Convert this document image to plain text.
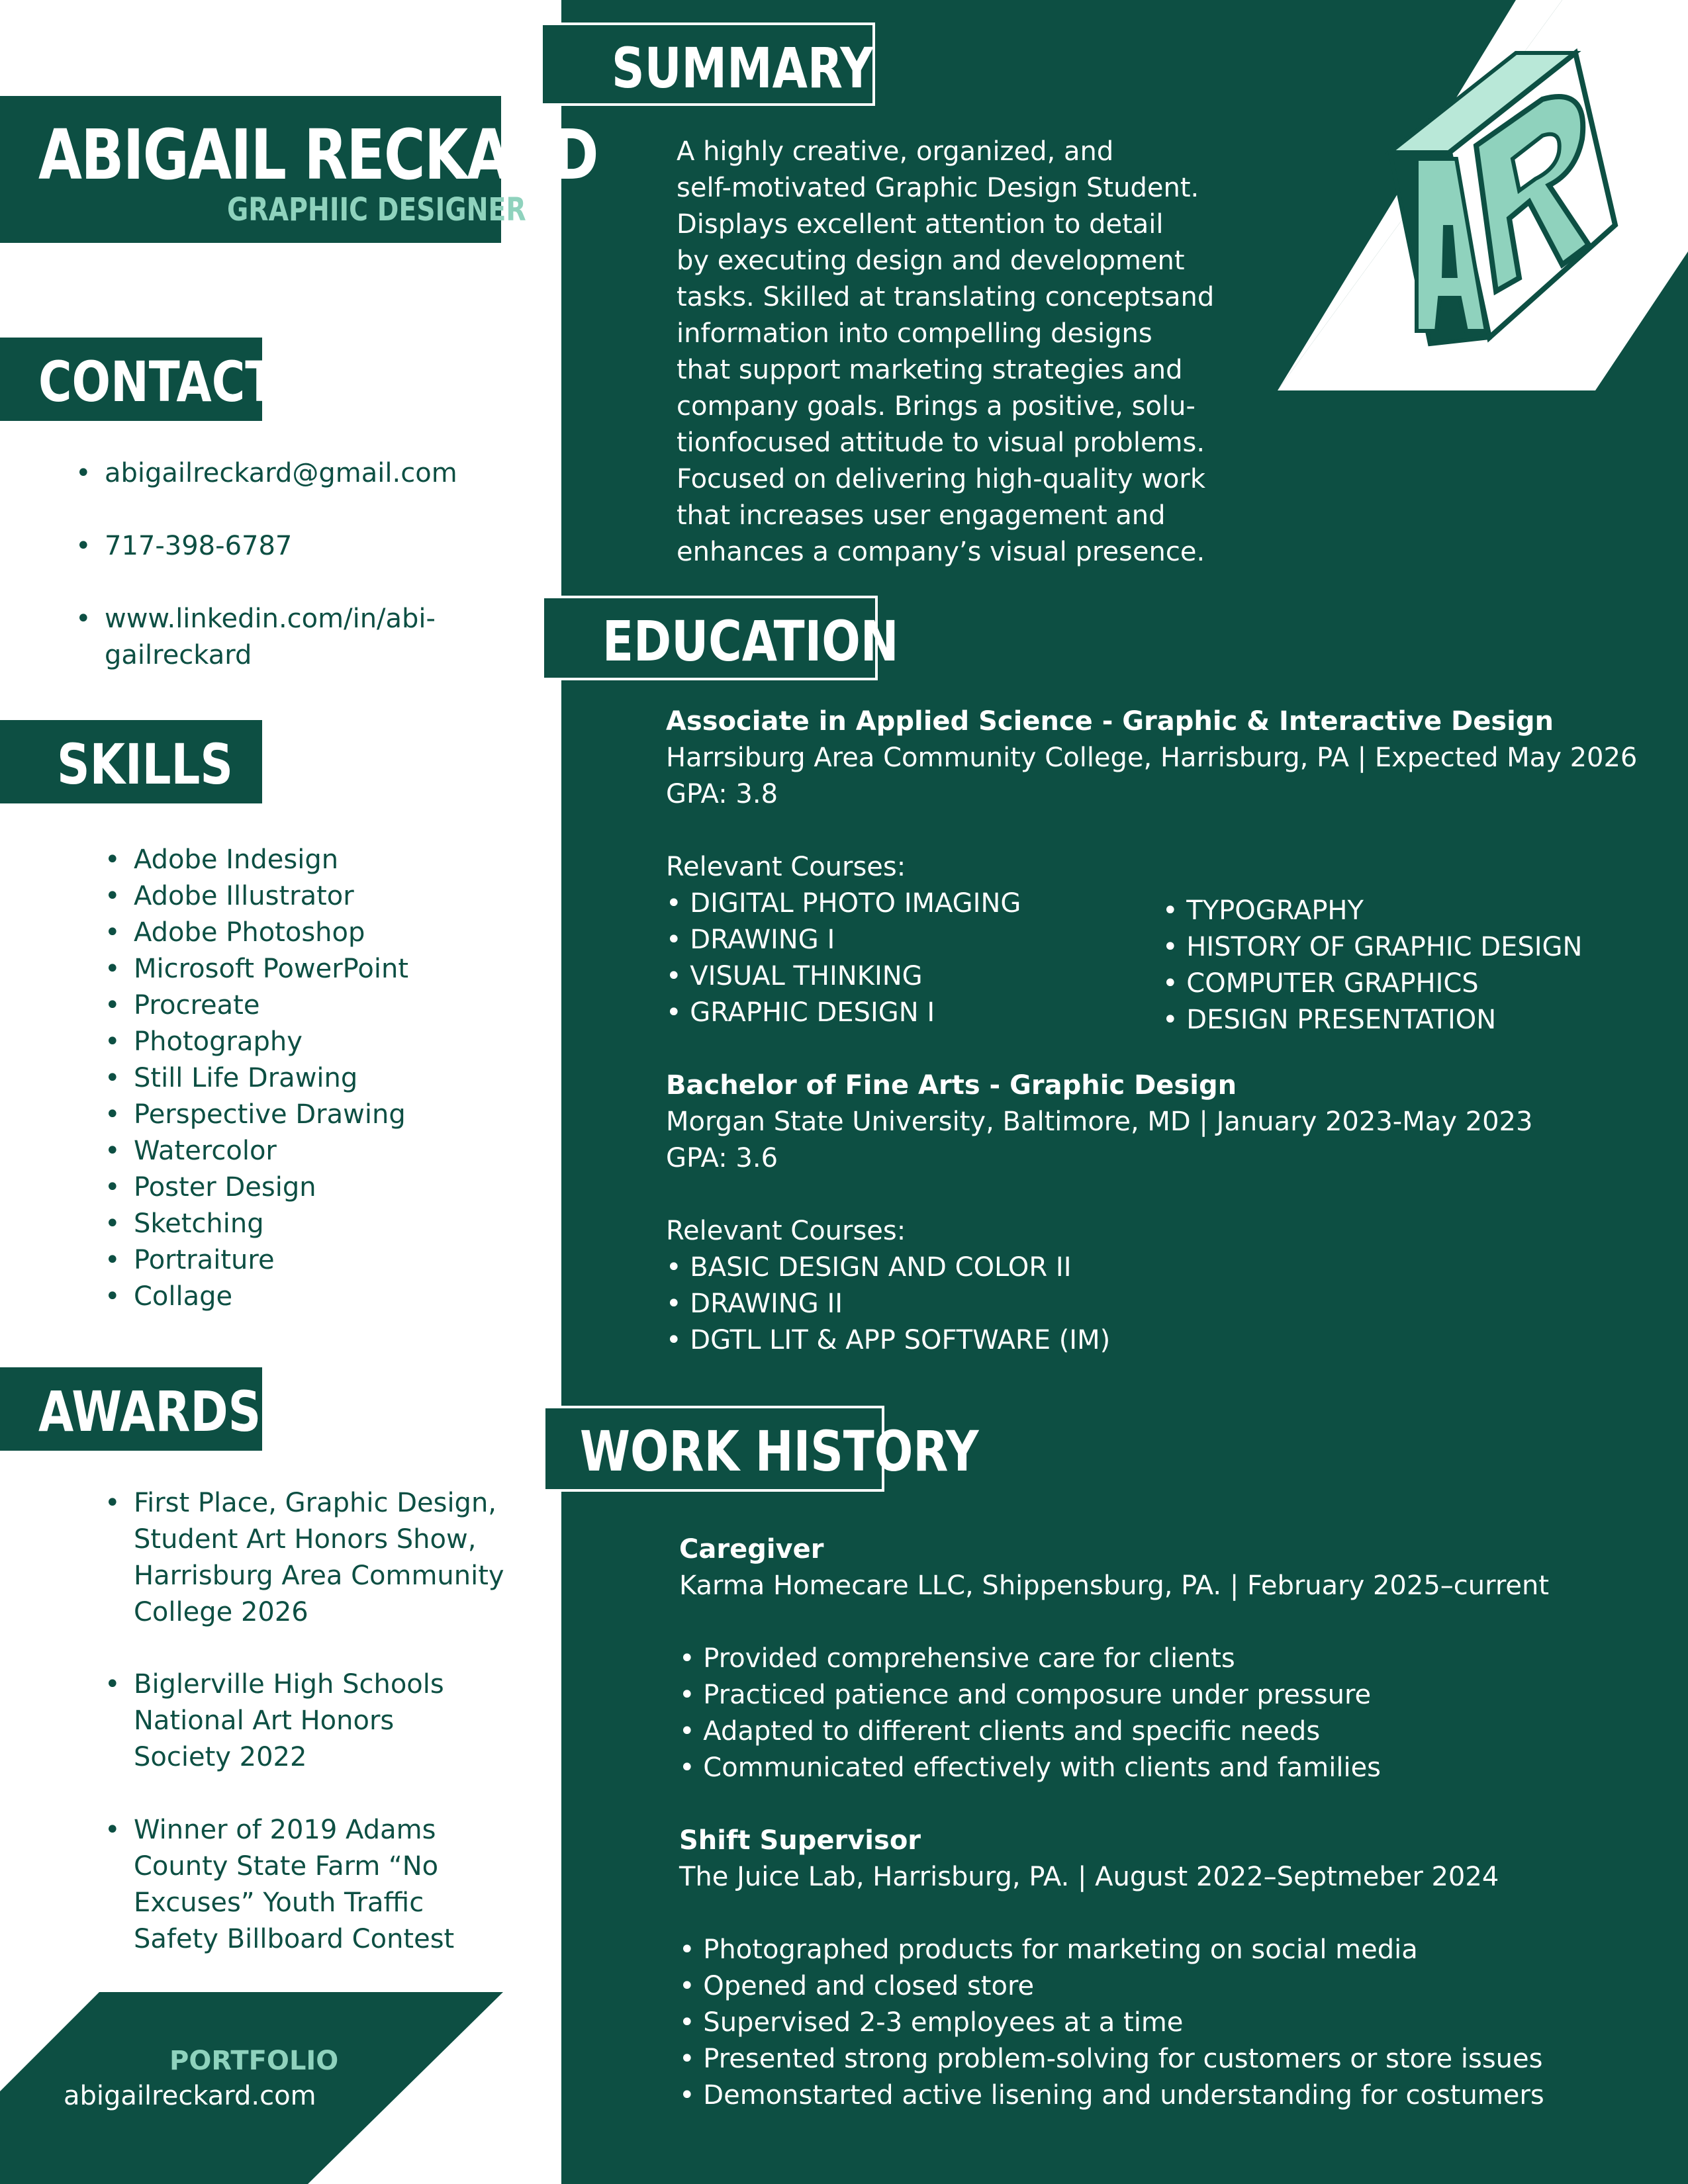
ABIGAIL RECKARD
GRAPHIIC DESIGNER
CONTACT
• abigailreckard@gmail.com
• 717-398-6787
• www.linkedin.com/in/abi-
gailreckard
SKILLS
• Adobe Indesign
• Adobe Illustrator
• Adobe Photoshop
• Microsoft PowerPoint
• Procreate
• Photography
• Still Life Drawing
• Perspective Drawing
• Watercolor
• Poster Design
• Sketching
• Portraiture
• Collage
AWARDS
• First Place, Graphic Design,
Student Art Honors Show,
Harrisburg Area Community
College 2026
• Biglerville High Schools
National Art Honors
Society 2022
• Winner of 2019 Adams
County State Farm “No
Excuses” Youth Traffic
Safety Billboard Contest
PORTFOLIO
abigailreckard.com
SUMMARY
A highly creative, organized, and
self-motivated Graphic Design Student.
Displays excellent attention to detail
by executing design and development
tasks. Skilled at translating conceptsand
information into compelling designs
that support marketing strategies and
company goals. Brings a positive, solu-
tionfocused attitude to visual problems.
Focused on delivering high-quality work
that increases user engagement and
enhances a company’s visual presence.
EDUCATION
Associate in Applied Science - Graphic & Interactive Design
Harrsiburg Area Community College, Harrisburg, PA | Expected May 2026
GPA: 3.8

Relevant Courses:
• DIGITAL PHOTO IMAGING
• DRAWING I
• VISUAL THINKING
• GRAPHIC DESIGN I
• TYPOGRAPHY
• HISTORY OF GRAPHIC DESIGN
• COMPUTER GRAPHICS
• DESIGN PRESENTATION
Bachelor of Fine Arts - Graphic Design
Morgan State University, Baltimore, MD | January 2023-May 2023
GPA: 3.6

Relevant Courses:
• BASIC DESIGN AND COLOR II
• DRAWING II
• DGTL LIT & APP SOFTWARE (IM)
WORK HISTORY
Caregiver
Karma Homecare LLC, Shippensburg, PA. | February 2025–current

• Provided comprehensive care for clients
• Practiced patience and composure under pressure
• Adapted to different clients and specific needs
• Communicated effectively with clients and families
Shift Supervisor
The Juice Lab, Harrisburg, PA. | August 2022–Septmeber 2024

• Photographed products for marketing on social media
• Opened and closed store
• Supervised 2-3 employees at a time
• Presented strong problem-solving for customers or store issues
• Demonstarted active lisening and understanding for costumers
